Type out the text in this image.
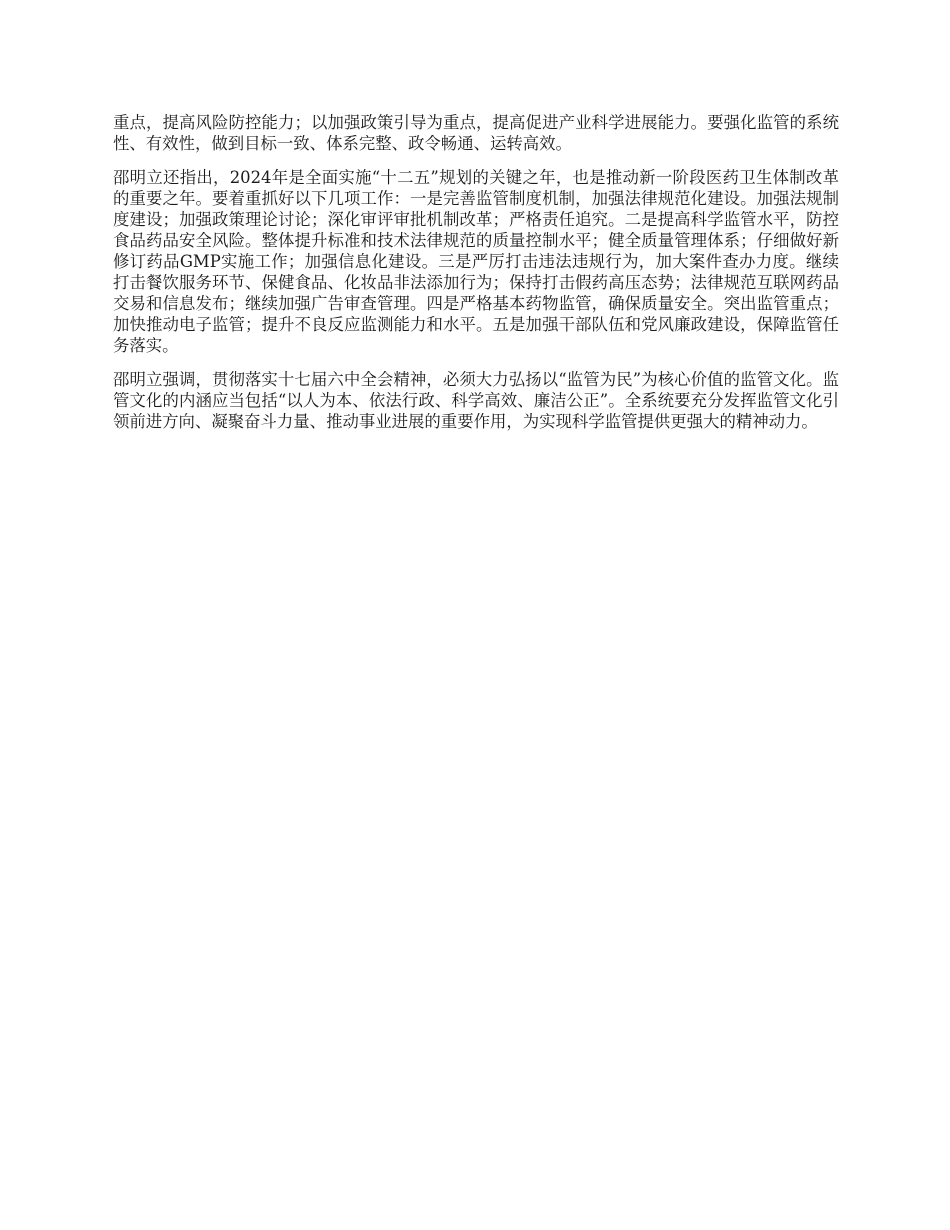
重点，提高风险防控能力；以加强政策引导为重点，提高促进产业科学进展能力。要强化监管的系统性、有效性，做到目标一致、体系完整、政令畅通、运转高效。

邵明立还指出，2024年是全面实施“十二五”规划的关键之年，也是推动新一阶段医药卫生体制改革的重要之年。要着重抓好以下几项工作：一是完善监管制度机制，加强法律规范化建设。加强法规制度建设；加强政策理论讨论；深化审评审批机制改革；严格责任追究。二是提高科学监管水平，防控食品药品安全风险。整体提升标准和技术法律规范的质量控制水平；健全质量管理体系；仔细做好新修订药品GMP实施工作；加强信息化建设。三是严厉打击违法违规行为，加大案件查办力度。继续打击餐饮服务环节、保健食品、化妆品非法添加行为；保持打击假药高压态势；法律规范互联网药品交易和信息发布；继续加强广告审查管理。四是严格基本药物监管，确保质量安全。突出监管重点；加快推动电子监管；提升不良反应监测能力和水平。五是加强干部队伍和党风廉政建设，保障监管任务落实。

邵明立强调，贯彻落实十七届六中全会精神，必须大力弘扬以“监管为民”为核心价值的监管文化。监管文化的内涵应当包括“以人为本、依法行政、科学高效、廉洁公正”。全系统要充分发挥监管文化引领前进方向、凝聚奋斗力量、推动事业进展的重要作用，为实现科学监管提供更强大的精神动力。
